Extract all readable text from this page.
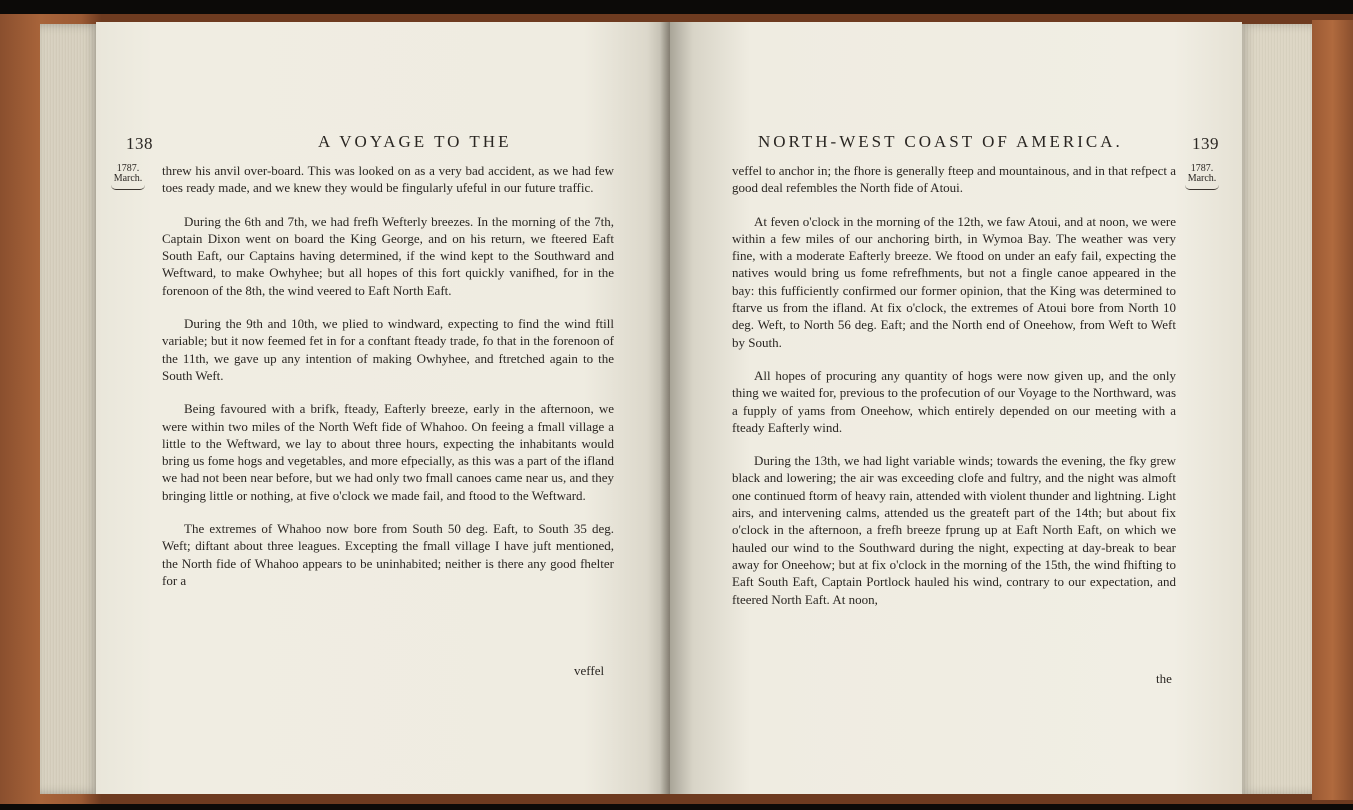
138	A VOYAGE TO THE
1787.
March.

threw his anvil over-board. This was looked on as a very bad accident, as we had few toes ready made, and we knew they would be fingularly ufeful in our future traffic.

During the 6th and 7th, we had frefh Wefterly breezes. In the morning of the 7th, Captain Dixon went on board the King George, and on his return, we fteered Eaft South Eaft, our Captains having determined, if the wind kept to the Southward and Weftward, to make Owhyhee; but all hopes of this fort quickly vanifhed, for in the forenoon of the 8th, the wind veered to Eaft North Eaft.

During the 9th and 10th, we plied to windward, expecting to find the wind ftill variable; but it now feemed fet in for a conftant fteady trade, fo that in the forenoon of the 11th, we gave up any intention of making Owhyhee, and ftretched again to the South Weft.

Being favoured with a brifk, fteady, Eafterly breeze, early in the afternoon, we were within two miles of the North Weft fide of Whahoo. On feeing a fmall village a little to the Weftward, we lay to about three hours, expecting the inhabitants would bring us fome hogs and vegetables, and more efpecially, as this was a part of the ifland we had not been near before, but we had only two fmall canoes came near us, and they bringing little or nothing, at five o'clock we made fail, and ftood to the Weftward.

The extremes of Whahoo now bore from South 50 deg. Eaft, to South 35 deg. Weft; diftant about three leagues. Excepting the fmall village I have juft mentioned, the North fide of Whahoo appears to be uninhabited; neither is there any good fhelter for a

veffel
NORTH-WEST COAST OF AMERICA.	139
1787.
March.

veffel to anchor in; the fhore is generally fteep and mountainous, and in that refpect a good deal refembles the North fide of Atoui.

At feven o'clock in the morning of the 12th, we faw Atoui, and at noon, we were within a few miles of our anchoring birth, in Wymoa Bay. The weather was very fine, with a moderate Eafterly breeze. We ftood on under an eafy fail, expecting the natives would bring us fome refrefhments, but not a fingle canoe appeared in the bay: this fufficiently confirmed our former opinion, that the King was determined to ftarve us from the ifland. At fix o'clock, the extremes of Atoui bore from North 10 deg. Weft, to North 56 deg. Eaft; and the North end of Oneehow, from Weft to Weft by South.

All hopes of procuring any quantity of hogs were now given up, and the only thing we waited for, previous to the profecution of our Voyage to the Northward, was a fupply of yams from Oneehow, which entirely depended on our meeting with a fteady Eafterly wind.

During the 13th, we had light variable winds; towards the evening, the fky grew black and lowering; the air was exceeding clofe and fultry, and the night was almoft one continued ftorm of heavy rain, attended with violent thunder and lightning. Light airs, and intervening calms, attended us the greateft part of the 14th; but about fix o'clock in the afternoon, a frefh breeze fprung up at Eaft North Eaft, on which we hauled our wind to the Southward during the night, expecting at day-break to bear away for Oneehow; but at fix o'clock in the morning of the 15th, the wind fhifting to Eaft South Eaft, Captain Portlock hauled his wind, contrary to our expectation, and fteered North Eaft. At noon,

the
